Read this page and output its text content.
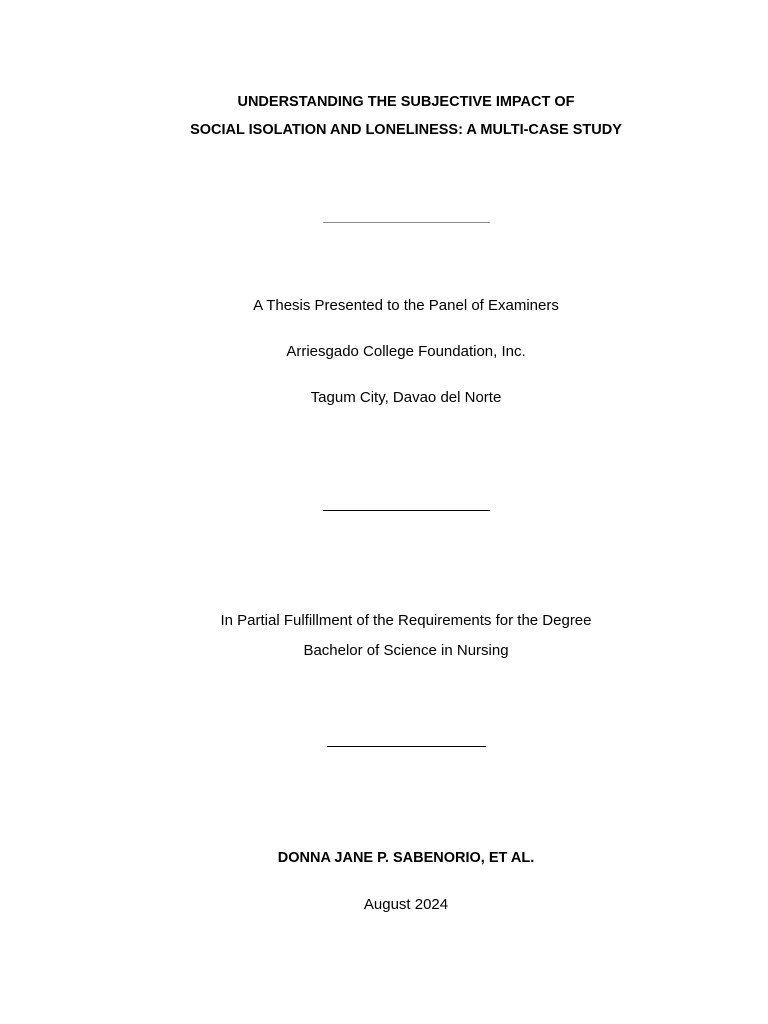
UNDERSTANDING THE SUBJECTIVE IMPACT OF
SOCIAL ISOLATION AND LONELINESS: A MULTI-CASE STUDY
A Thesis Presented to the Panel of Examiners
Arriesgado College Foundation, Inc.
Tagum City, Davao del Norte
In Partial Fulfillment of the Requirements for the Degree
Bachelor of Science in Nursing
DONNA JANE P. SABENORIO, ET AL.
August 2024
